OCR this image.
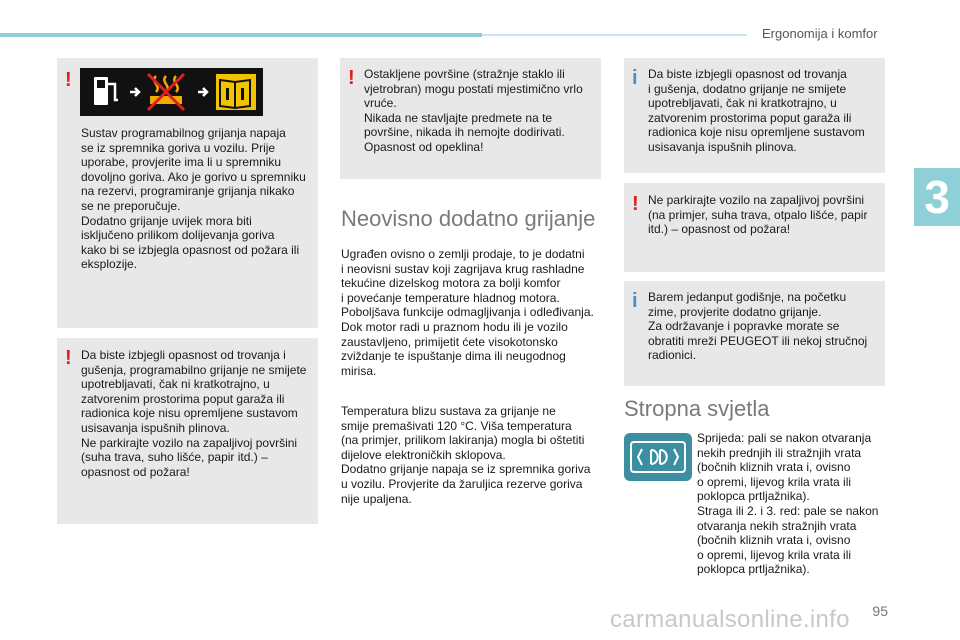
Ergonomija i komfor
3
!
Sustav programabilnog grijanja napaja
se iz spremnika goriva u vozilu. Prije
uporabe, provjerite ima li u spremniku
dovoljno goriva. Ako je gorivo u spremniku
na rezervi, programiranje grijanja nikako
se ne preporučuje.
Dodatno grijanje uvijek mora biti
isključeno prilikom dolijevanja goriva
kako bi se izbjegla opasnost od požara ili
eksplozije.
! Da biste izbjegli opasnost od trovanja i
gušenja, programabilno grijanje ne smijete
upotrebljavati, čak ni kratkotrajno, u
zatvorenim prostorima poput garaža ili
radionica koje nisu opremljene sustavom
usisavanja ispušnih plinova.
Ne parkirajte vozilo na zapaljivoj površini
(suha trava, suho lišće, papir itd.) –
opasnost od požara!
! Ostakljene površine (stražnje staklo ili
vjetrobran) mogu postati mjestimično vrlo
vruće.
Nikada ne stavljajte predmete na te
površine, nikada ih nemojte dodirivati.
Opasnost od opeklina!
Neovisno dodatno grijanje
Ugrađen ovisno o zemlji prodaje, to je dodatni
i neovisni sustav koji zagrijava krug rashladne
tekućine dizelskog motora za bolji komfor
i povećanje temperature hladnog motora.
Poboljšava funkcije odmagljivanja i odleđivanja.
Dok motor radi u praznom hodu ili je vozilo
zaustavljeno, primijetit ćete visokotonsko
zviždanje te ispuštanje dima ili neugodnog
mirisa.
Temperatura blizu sustava za grijanje ne
smije premašivati 120 °C. Viša temperatura
(na primjer, prilikom lakiranja) mogla bi oštetiti
dijelove elektroničkih sklopova.
Dodatno grijanje napaja se iz spremnika goriva
u vozilu. Provjerite da žaruljica rezerve goriva
nije upaljena.
i Da biste izbjegli opasnost od trovanja
i gušenja, dodatno grijanje ne smijete
upotrebljavati, čak ni kratkotrajno, u
zatvorenim prostorima poput garaža ili
radionica koje nisu opremljene sustavom
usisavanja ispušnih plinova.
! Ne parkirajte vozilo na zapaljivoj površini
(na primjer, suha trava, otpalo lišće, papir
itd.) – opasnost od požara!
i Barem jedanput godišnje, na početku
zime, provjerite dodatno grijanje.
Za održavanje i popravke morate se
obratiti mreži PEUGEOT ili nekoj stručnoj
radionici.
Stropna svjetla
Sprijeda: pali se nakon otvaranja
nekih prednjih ili stražnjih vrata
(bočnih kliznih vrata i, ovisno
o opremi, lijevog krila vrata ili
poklopca prtljažnika).
Straga ili 2. i 3. red: pale se nakon
otvaranja nekih stražnjih vrata
(bočnih kliznih vrata i, ovisno
o opremi, lijevog krila vrata ili
poklopca prtljažnika).
carmanualsonline.info 95
